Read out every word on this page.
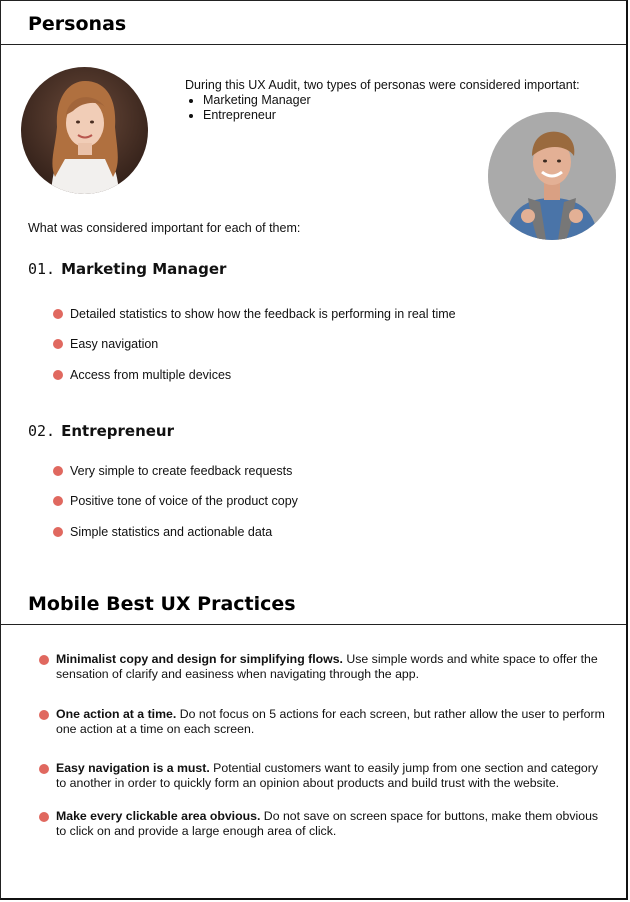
Personas
During this UX Audit, two types of personas were considered important:
• Marketing Manager
• Entrepreneur
What was considered important for each of them:
01. Marketing Manager
Detailed statistics to show how the feedback is performing in real time
Easy navigation
Access from multiple devices
02. Entrepreneur
Very simple to create feedback requests
Positive tone of voice of the product copy
Simple statistics and actionable data
Mobile Best UX Practices
Minimalist copy and design for simplifying flows. Use simple words and white space to offer the sensation of clarify and easiness when navigating through the app.
One action at a time. Do not focus on 5 actions for each screen, but rather allow the user to perform one action at a time on each screen.
Easy navigation is a must. Potential customers want to easily jump from one section and category to another in order to quickly form an opinion about products and build trust with the website.
Make every clickable area obvious. Do not save on screen space for buttons, make them obvious to click on and provide a large enough area of click.
